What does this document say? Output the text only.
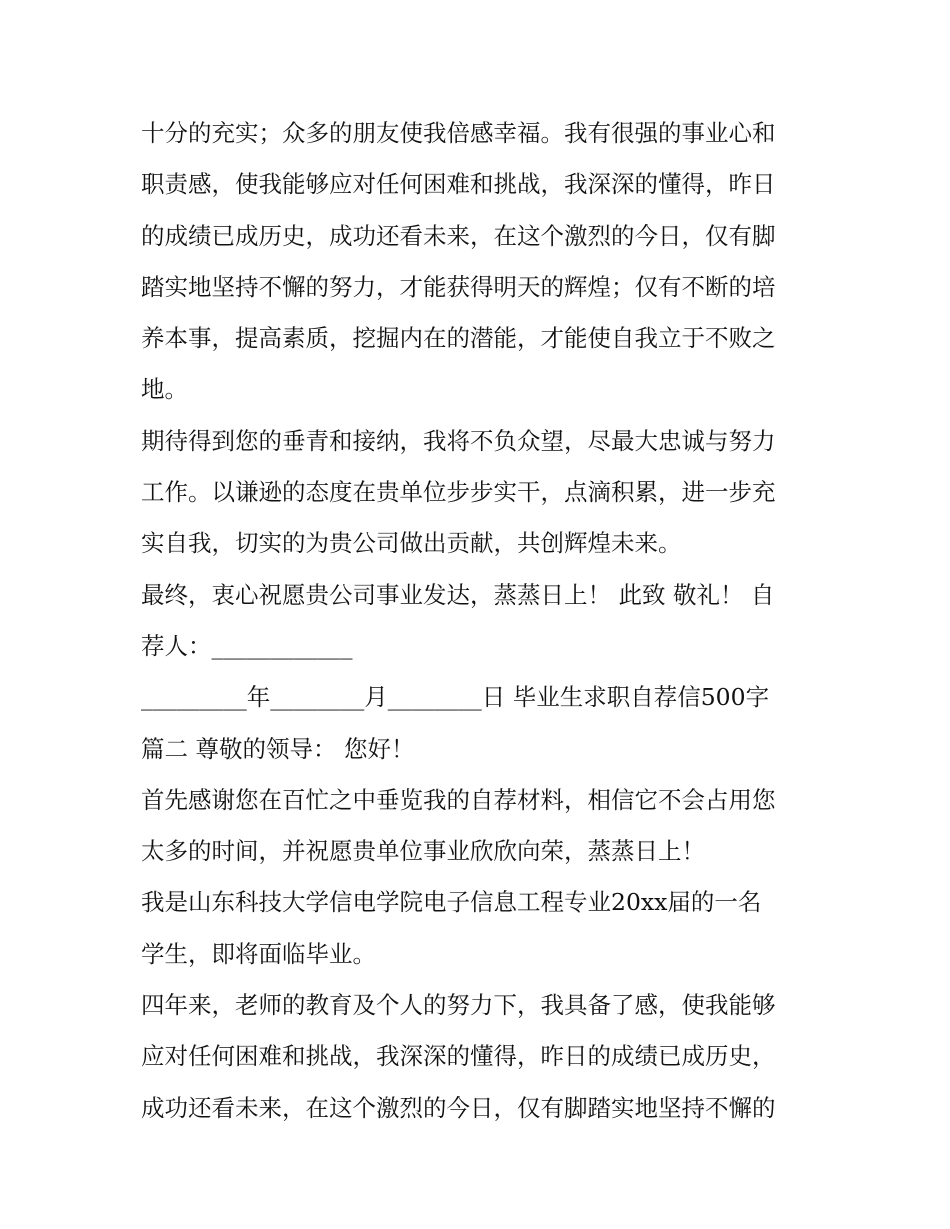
十分的充实；众多的朋友使我倍感幸福。我有很强的事业心和
职责感，使我能够应对任何困难和挑战，我深深的懂得，昨日
的成绩已成历史，成功还看未来，在这个激烈的今日，仅有脚
踏实地坚持不懈的努力，才能获得明天的辉煌；仅有不断的培
养本事，提高素质，挖掘内在的潜能，才能使自我立于不败之
地。
期待得到您的垂青和接纳，我将不负众望，尽最大忠诚与努力
工作。以谦逊的态度在贵单位步步实干，点滴积累，进一步充
实自我，切实的为贵公司做出贡献，共创辉煌未来。
最终，衷心祝愿贵公司事业发达，蒸蒸日上！ 此致 敬礼！ 自
荐人：____________
_________年________月________日 毕业生求职自荐信500字
篇二 尊敬的领导： 您好！
首先感谢您在百忙之中垂览我的自荐材料，相信它不会占用您
太多的时间，并祝愿贵单位事业欣欣向荣，蒸蒸日上！
我是山东科技大学信电学院电子信息工程专业20xx届的一名
学生，即将面临毕业。
四年来，老师的教育及个人的努力下，我具备了感，使我能够
应对任何困难和挑战，我深深的懂得，昨日的成绩已成历史，
成功还看未来，在这个激烈的今日，仅有脚踏实地坚持不懈的
